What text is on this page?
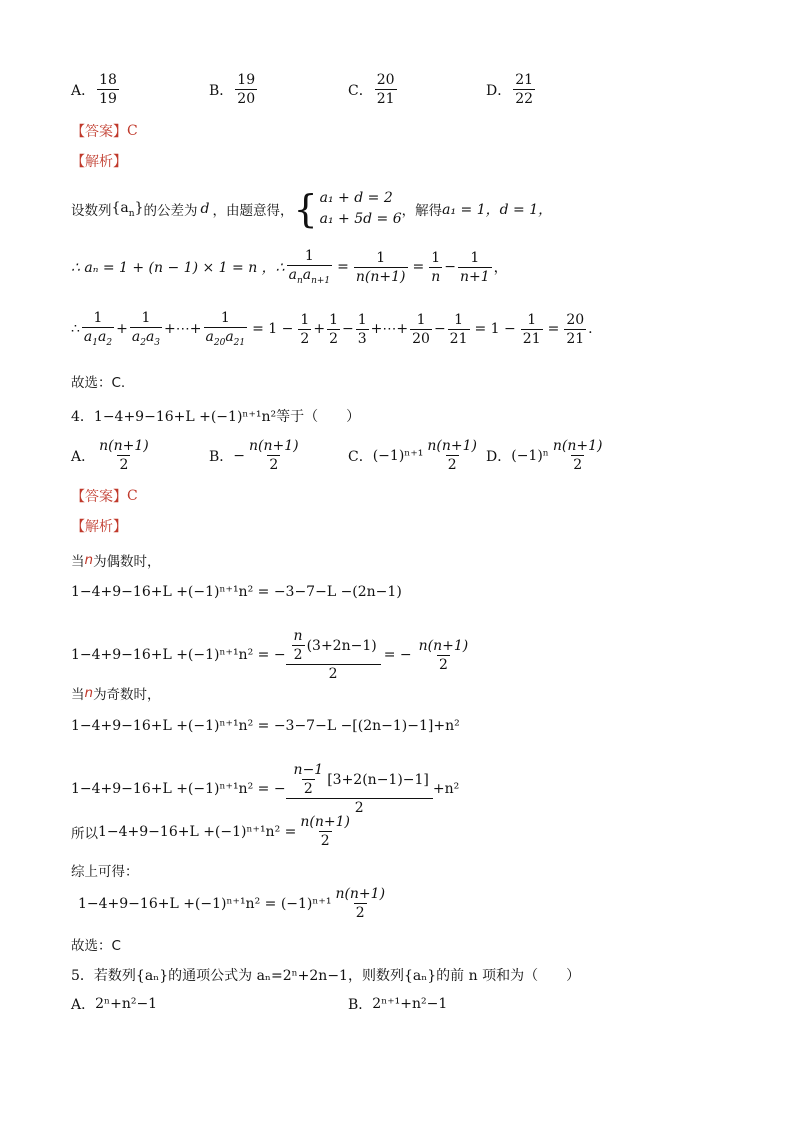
A． $\frac{18}{19}$	B． $\frac{19}{20}$	C． $\frac{20}{21}$	D． $\frac{21}{22}$
【答案】 C
【解析】
设数列 $\{a_n\}$ 的公差为 d ，由题意得， { a₁ + d = 2
a₁ + 5d = 6 ，解得 a₁ = 1，d = 1，
∴ aₙ = 1 + (n − 1) × 1 = n ，∴ $\frac{1}{a_na_{n+1}} = \frac{1}{n(n+1)} = \frac{1}{n} - \frac{1}{n+1}$ ，
∴ $\frac{1}{a_1a_2} + \frac{1}{a_2a_3}$ +⋯+ $\frac{1}{a_{20}a_{21}} = 1 - \frac{1}{2} + \frac{1}{2} - \frac{1}{3}$ +⋯+ $\frac{1}{20} - \frac{1}{21} = 1 - \frac{1}{21} = \frac{20}{21}$ .
故选：C.
4．1−4+9−16+L +(−1)ⁿ⁺¹n²等于（　　）
A． $\frac{n(n+1)}{2}$	B． − $\frac{n(n+1)}{2}$	C． $(-1)^{n+1} \frac{n(n+1)}{2}$ D． $(-1)^n \frac{n(n+1)}{2}$
【答案】 C
【解析】
当 n 为偶数时，
1−4+9−16+L +(−1)ⁿ⁺¹n² = −3−7−L −(2n−1)
1−4+9−16+L +(−1)ⁿ⁺¹n² = − $\frac{\frac{n}{2} (3+2n-1)}{2}$ = − $\frac{n(n+1)}{2}$
当 n 为奇数时，
1−4+9−16+L +(−1)ⁿ⁺¹n² = −3−7−L −[(2n−1)−1]+n²
1−4+9−16+L +(−1)ⁿ⁺¹n² = − $\frac{\frac{n-1}{2} [3+2(n-1)-1]}{2} +n^2$
所以 $1-4+9-16+L +(-1)^{n+1}n^2 = \frac{n(n+1)}{2}$
综上可得：
$1-4+9-16+L +(-1)^{n+1}n^2 = (-1)^{n+1} \frac{n(n+1)}{2}$
故选：C
5．若数列{aₙ}的通项公式为 aₙ=2ⁿ+2n−1，则数列{aₙ}的前 n 项和为（　　）
A． 2ⁿ+n²−1	B． 2ⁿ⁺¹+n²−1
